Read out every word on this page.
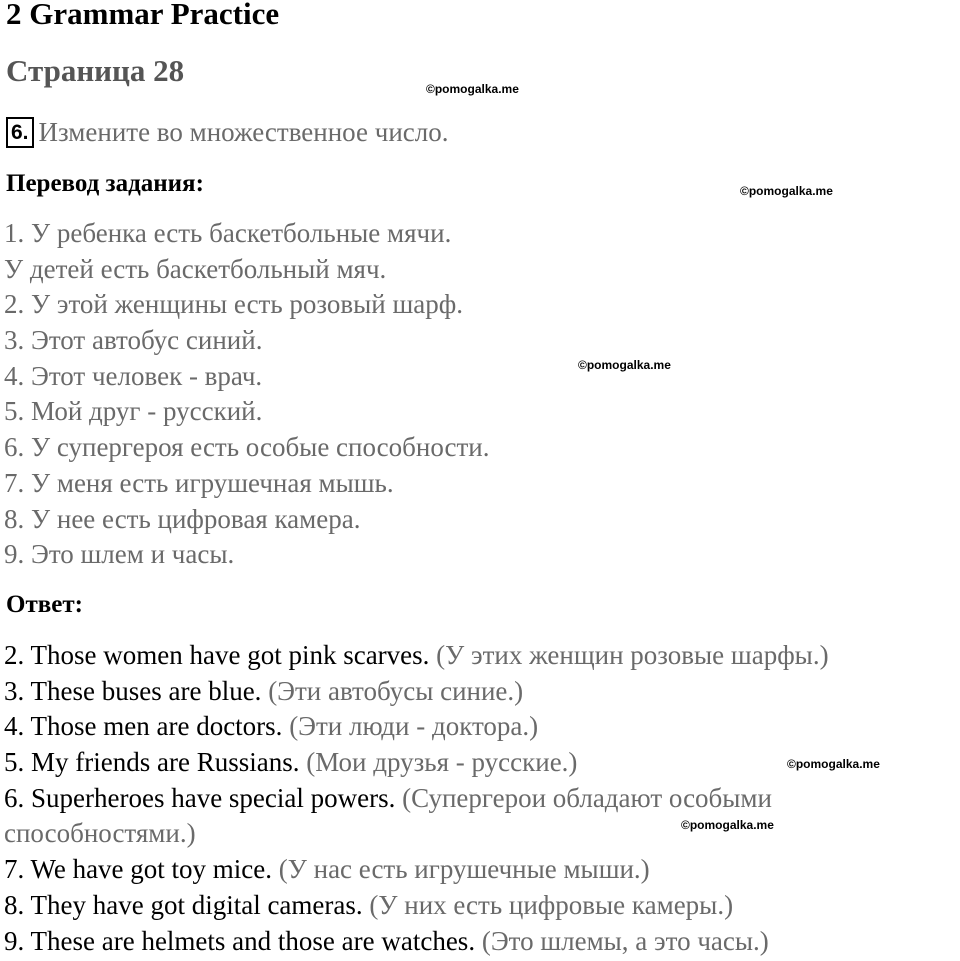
2 Grammar Practice
Страница 28
©pomogalka.me
©pomogalka.me
©pomogalka.me
©pomogalka.me
©pomogalka.me
6. Измените во множественное число.
Перевод задания:
1. У ребенка есть баскетбольные мячи.
У детей есть баскетбольный мяч.
2. У этой женщины есть розовый шарф.
3. Этот автобус синий.
4. Этот человек - врач.
5. Мой друг - русский.
6. У супергероя есть особые способности.
7. У меня есть игрушечная мышь.
8. У нее есть цифровая камера.
9. Это шлем и часы.
Ответ:
2. Those women have got pink scarves. (У этих женщин розовые шарфы.)
3. These buses are blue. (Эти автобусы синие.)
4. Those men are doctors. (Эти люди - доктора.)
5. My friends are Russians. (Мои друзья - русские.)
6. Superheroes have special powers. (Супергерои обладают особыми
способностями.)
7. We have got toy mice. (У нас есть игрушечные мыши.)
8. They have got digital cameras. (У них есть цифровые камеры.)
9. These are helmets and those are watches. (Это шлемы, а это часы.)
